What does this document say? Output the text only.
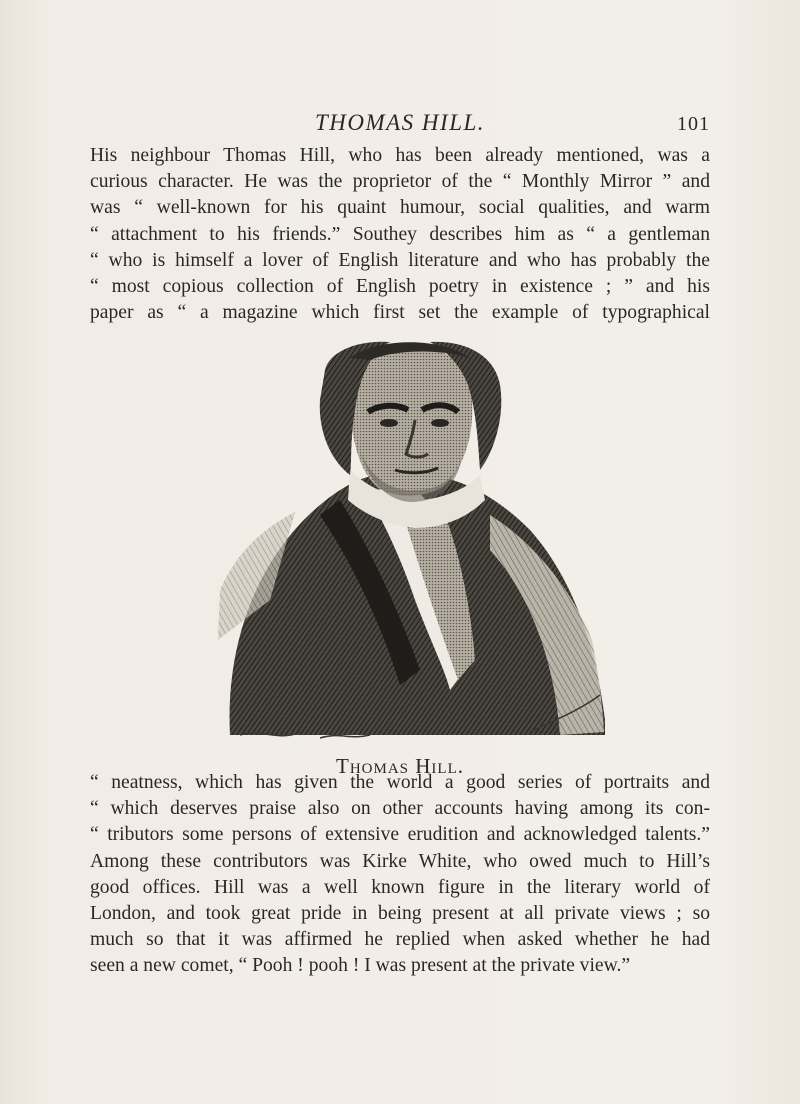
THOMAS HILL.	101

His neighbour Thomas Hill, who has been already mentioned, was a
curious character. He was the proprietor of the “ Monthly Mirror ” and
was “ well-known for his quaint humour, social qualities, and warm
“ attachment to his friends.” Southey describes him as “ a gentleman
“ who is himself a lover of English literature and who has probably the
“ most copious collection of English poetry in existence ; ” and his
paper as “ a magazine which first set the example of typographical

Thomas Hill.

“ neatness, which has given the world a good series of portraits and
“ which deserves praise also on other accounts having among its con-
“ tributors some persons of extensive erudition and acknowledged talents.”
Among these contributors was Kirke White, who owed much to Hill’s
good offices. Hill was a well known figure in the literary world of
London, and took great pride in being present at all private views ; so
much so that it was affirmed he replied when asked whether he had
seen a new comet, “ Pooh ! pooh ! I was present at the private view.”
